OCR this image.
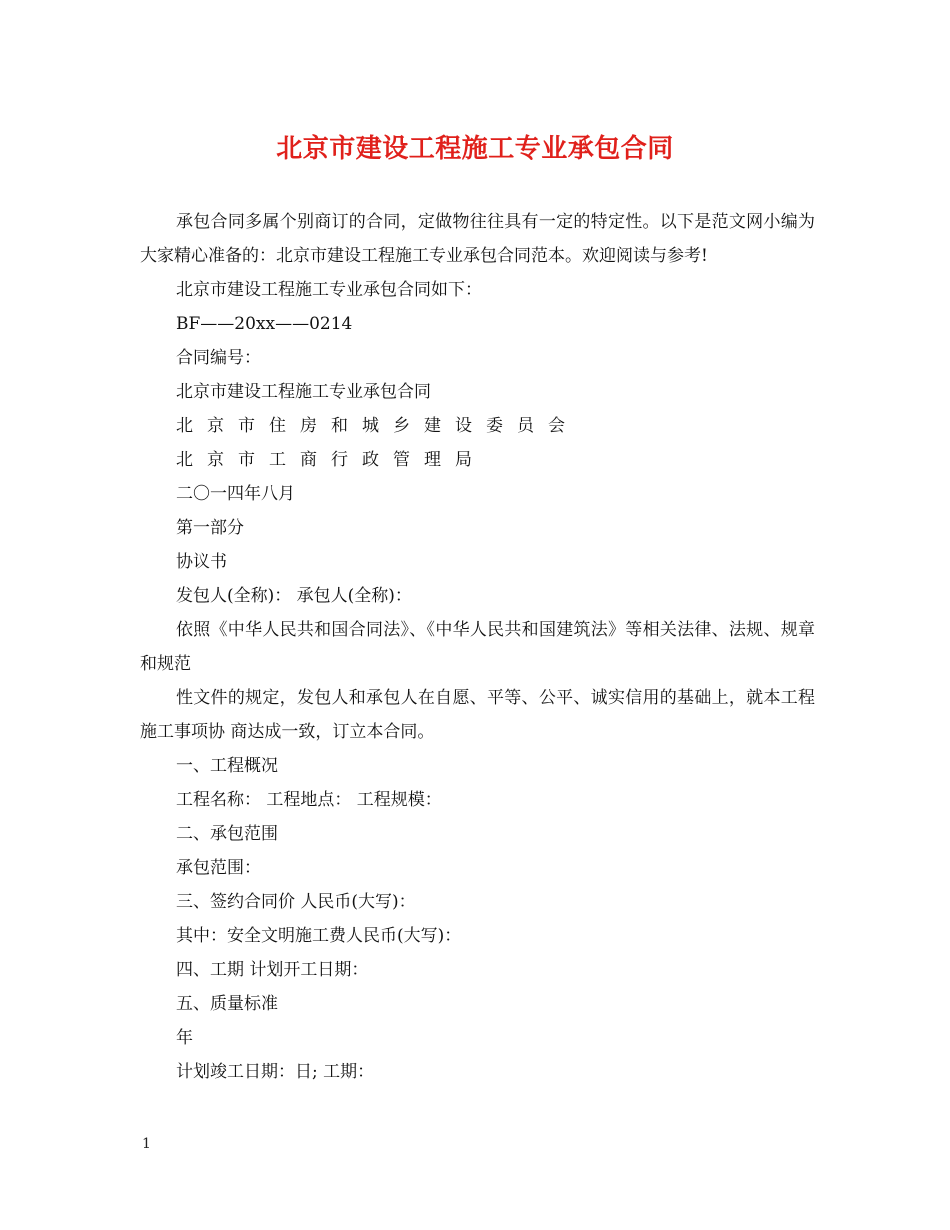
北京市建设工程施工专业承包合同

承包合同多属个别商订的合同，定做物往往具有一定的特定性。以下是范文网小编为大家精心准备的：北京市建设工程施工专业承包合同范本。欢迎阅读与参考!

北京市建设工程施工专业承包合同如下：

BF——20xx——0214

合同编号：

北京市建设工程施工专业承包合同

北京市住房和城乡建设委员会

北京市工商行政管理局

二〇一四年八月

第一部分

协议书

发包人(全称)： 承包人(全称)：

依照《中华人民共和国合同法》、《中华人民共和国建筑法》等相关法律、法规、规章和规范

性文件的规定，发包人和承包人在自愿、平等、公平、诚实信用的基础上，就本工程施工事项协 商达成一致，订立本合同。

一、工程概况

工程名称： 工程地点： 工程规模：

二、承包范围

承包范围：

三、签约合同价 人民币(大写)：

其中：安全文明施工费人民币(大写)：

四、工期 计划开工日期：

五、质量标准

年

计划竣工日期：日; 工期：

1
